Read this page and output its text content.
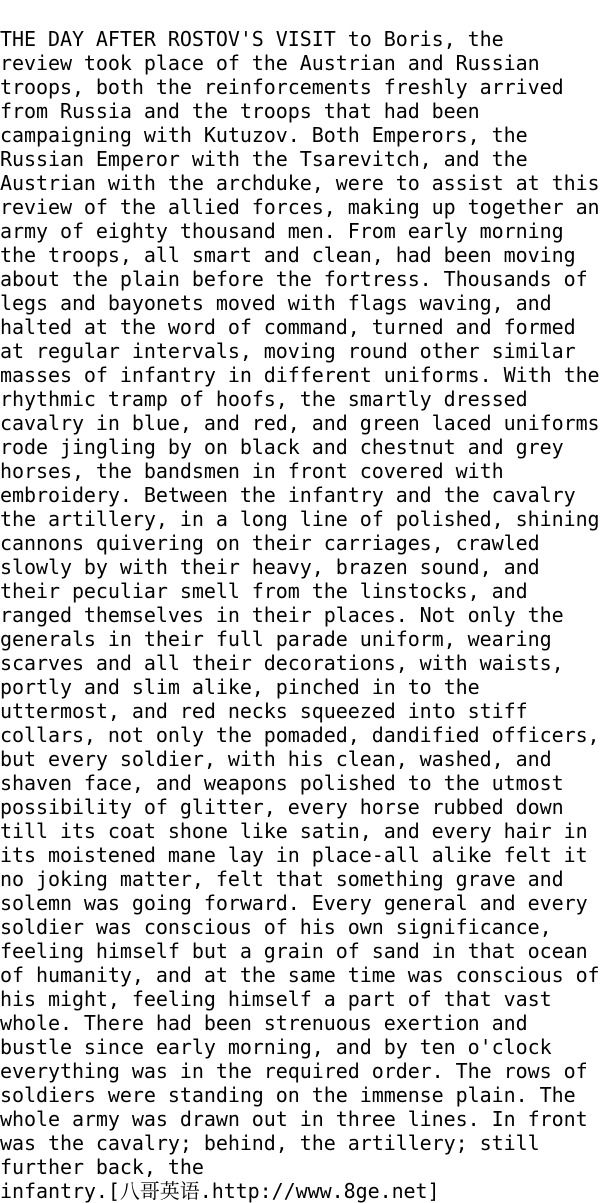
THE DAY AFTER ROSTOV'S VISIT to Boris, the
review took place of the Austrian and Russian
troops, both the reinforcements freshly arrived
from Russia and the troops that had been
campaigning with Kutuzov. Both Emperors, the
Russian Emperor with the Tsarevitch, and the
Austrian with the archduke, were to assist at this
review of the allied forces, making up together an
army of eighty thousand men. From early morning
the troops, all smart and clean, had been moving
about the plain before the fortress. Thousands of
legs and bayonets moved with flags waving, and
halted at the word of command, turned and formed
at regular intervals, moving round other similar
masses of infantry in different uniforms. With the
rhythmic tramp of hoofs, the smartly dressed
cavalry in blue, and red, and green laced uniforms
rode jingling by on black and chestnut and grey
horses, the bandsmen in front covered with
embroidery. Between the infantry and the cavalry
the artillery, in a long line of polished, shining
cannons quivering on their carriages, crawled
slowly by with their heavy, brazen sound, and
their peculiar smell from the linstocks, and
ranged themselves in their places. Not only the
generals in their full parade uniform, wearing
scarves and all their decorations, with waists,
portly and slim alike, pinched in to the
uttermost, and red necks squeezed into stiff
collars, not only the pomaded, dandified officers,
but every soldier, with his clean, washed, and
shaven face, and weapons polished to the utmost
possibility of glitter, every horse rubbed down
till its coat shone like satin, and every hair in
its moistened mane lay in place-all alike felt it
no joking matter, felt that something grave and
solemn was going forward. Every general and every
soldier was conscious of his own significance,
feeling himself but a grain of sand in that ocean
of humanity, and at the same time was conscious of
his might, feeling himself a part of that vast
whole. There had been strenuous exertion and
bustle since early morning, and by ten o'clock
everything was in the required order. The rows of
soldiers were standing on the immense plain. The
whole army was drawn out in three lines. In front
was the cavalry; behind, the artillery; still
further back, the
infantry.[八哥英语.http://www.8ge.net]
